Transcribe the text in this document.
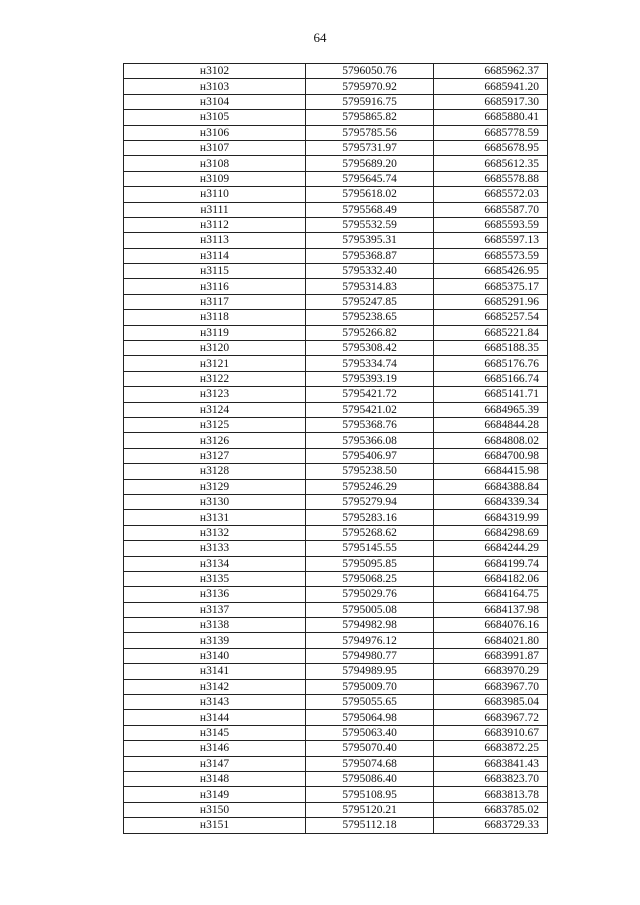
64
н3102	5796050.76	6685962.37
н3103	5795970.92	6685941.20
н3104	5795916.75	6685917.30
н3105	5795865.82	6685880.41
н3106	5795785.56	6685778.59
н3107	5795731.97	6685678.95
н3108	5795689.20	6685612.35
н3109	5795645.74	6685578.88
н3110	5795618.02	6685572.03
н3111	5795568.49	6685587.70
н3112	5795532.59	6685593.59
н3113	5795395.31	6685597.13
н3114	5795368.87	6685573.59
н3115	5795332.40	6685426.95
н3116	5795314.83	6685375.17
н3117	5795247.85	6685291.96
н3118	5795238.65	6685257.54
н3119	5795266.82	6685221.84
н3120	5795308.42	6685188.35
н3121	5795334.74	6685176.76
н3122	5795393.19	6685166.74
н3123	5795421.72	6685141.71
н3124	5795421.02	6684965.39
н3125	5795368.76	6684844.28
н3126	5795366.08	6684808.02
н3127	5795406.97	6684700.98
н3128	5795238.50	6684415.98
н3129	5795246.29	6684388.84
н3130	5795279.94	6684339.34
н3131	5795283.16	6684319.99
н3132	5795268.62	6684298.69
н3133	5795145.55	6684244.29
н3134	5795095.85	6684199.74
н3135	5795068.25	6684182.06
н3136	5795029.76	6684164.75
н3137	5795005.08	6684137.98
н3138	5794982.98	6684076.16
н3139	5794976.12	6684021.80
н3140	5794980.77	6683991.87
н3141	5794989.95	6683970.29
н3142	5795009.70	6683967.70
н3143	5795055.65	6683985.04
н3144	5795064.98	6683967.72
н3145	5795063.40	6683910.67
н3146	5795070.40	6683872.25
н3147	5795074.68	6683841.43
н3148	5795086.40	6683823.70
н3149	5795108.95	6683813.78
н3150	5795120.21	6683785.02
н3151	5795112.18	6683729.33
